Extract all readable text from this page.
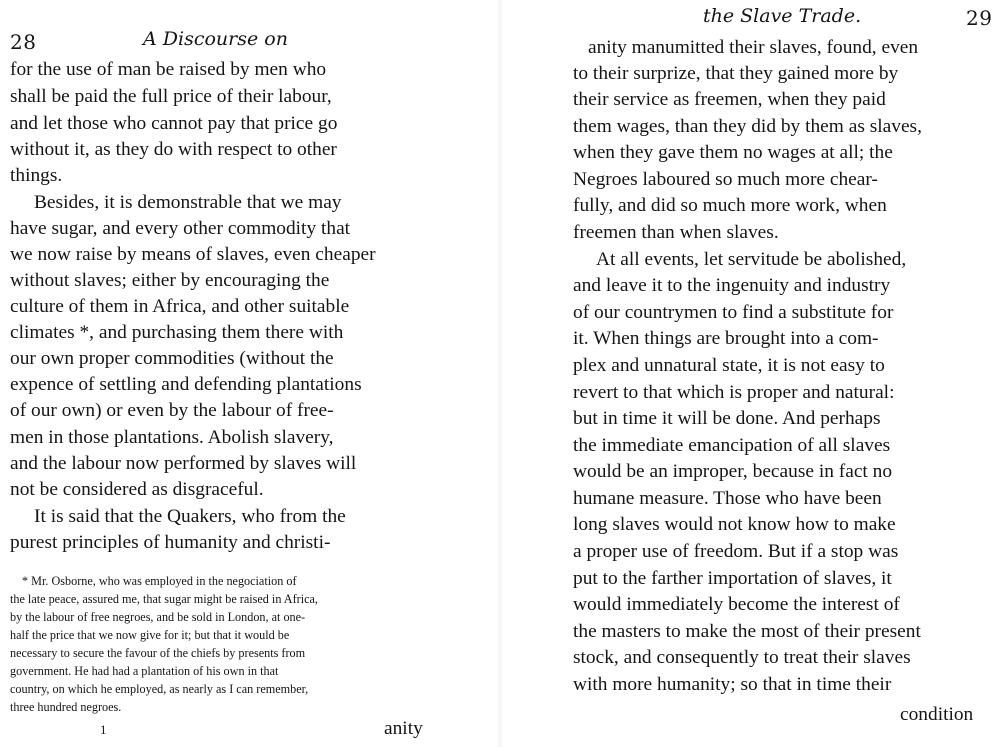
28	A Discourse on
for the use of man be raised by men who
shall be paid the full price of their labour,
and let those who cannot pay that price go
without it, as they do with respect to other
things.
Besides, it is demonstrable that we may
have sugar, and every other commodity that
we now raise by means of slaves, even cheaper
without slaves; either by encouraging the
culture of them in Africa, and other suitable
climates *, and purchasing them there with
our own proper commodities (without the
expence of settling and defending plantations
of our own) or even by the labour of free-
men in those plantations. Abolish slavery,
and the labour now performed by slaves will
not be considered as disgraceful.
It is said that the Quakers, who from the
purest principles of humanity and christi-
* Mr. Osborne, who was employed in the negociation of
the late peace, assured me, that sugar might be raised in Africa,
by the labour of free negroes, and be sold in London, at one-
half the price that we now give for it; but that it would be
necessary to secure the favour of the chiefs by presents from
government. He had had a plantation of his own in that
country, on which he employed, as nearly as I can remember,
three hundred negroes.
1	anity
the Slave Trade.	29
anity manumitted their slaves, found, even
to their surprize, that they gained more by
their service as freemen, when they paid
them wages, than they did by them as slaves,
when they gave them no wages at all; the
Negroes laboured so much more chear-
fully, and did so much more work, when
freemen than when slaves.
At all events, let servitude be abolished,
and leave it to the ingenuity and industry
of our countrymen to find a substitute for
it. When things are brought into a com-
plex and unnatural state, it is not easy to
revert to that which is proper and natural:
but in time it will be done. And perhaps
the immediate emancipation of all slaves
would be an improper, because in fact no
humane measure. Those who have been
long slaves would not know how to make
a proper use of freedom. But if a stop was
put to the farther importation of slaves, it
would immediately become the interest of
the masters to make the most of their present
stock, and consequently to treat their slaves
with more humanity; so that in time their
condition
